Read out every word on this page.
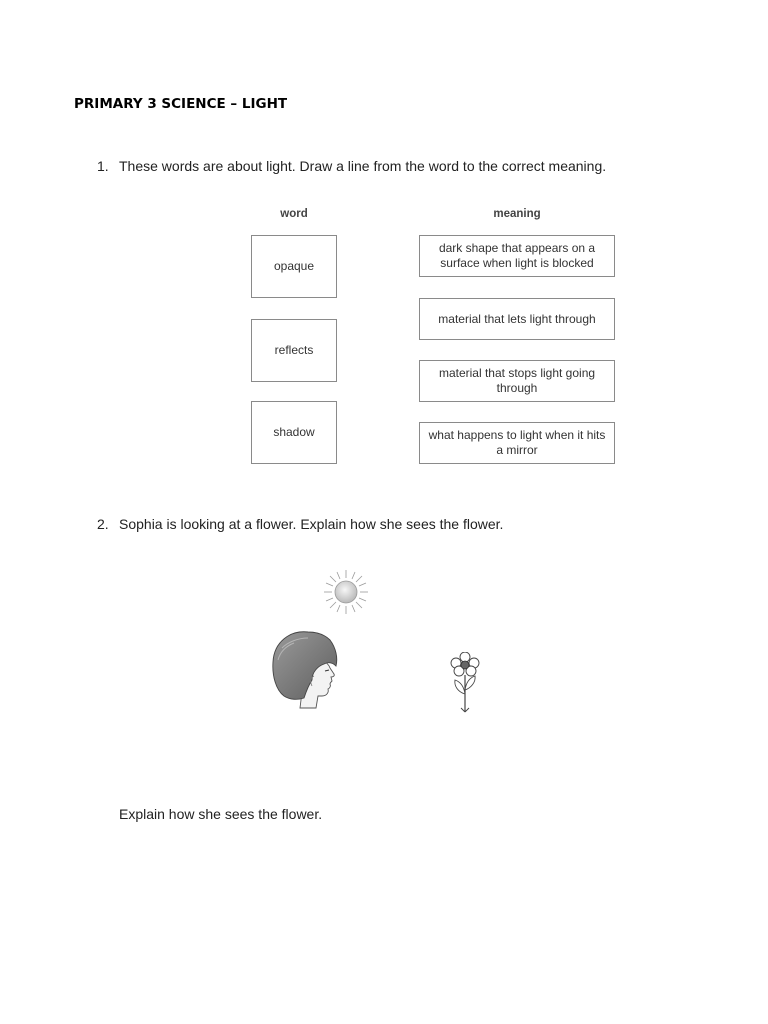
PRIMARY 3 SCIENCE – LIGHT
1. These words are about light. Draw a line from the word to the correct meaning.
word	meaning
opaque
reflects
shadow
dark shape that appears on a surface when light is blocked
material that lets light through
material that stops light going through
what happens to light when it hits a mirror
2. Sophia is looking at a flower. Explain how she sees the flower.
Explain how she sees the flower.
